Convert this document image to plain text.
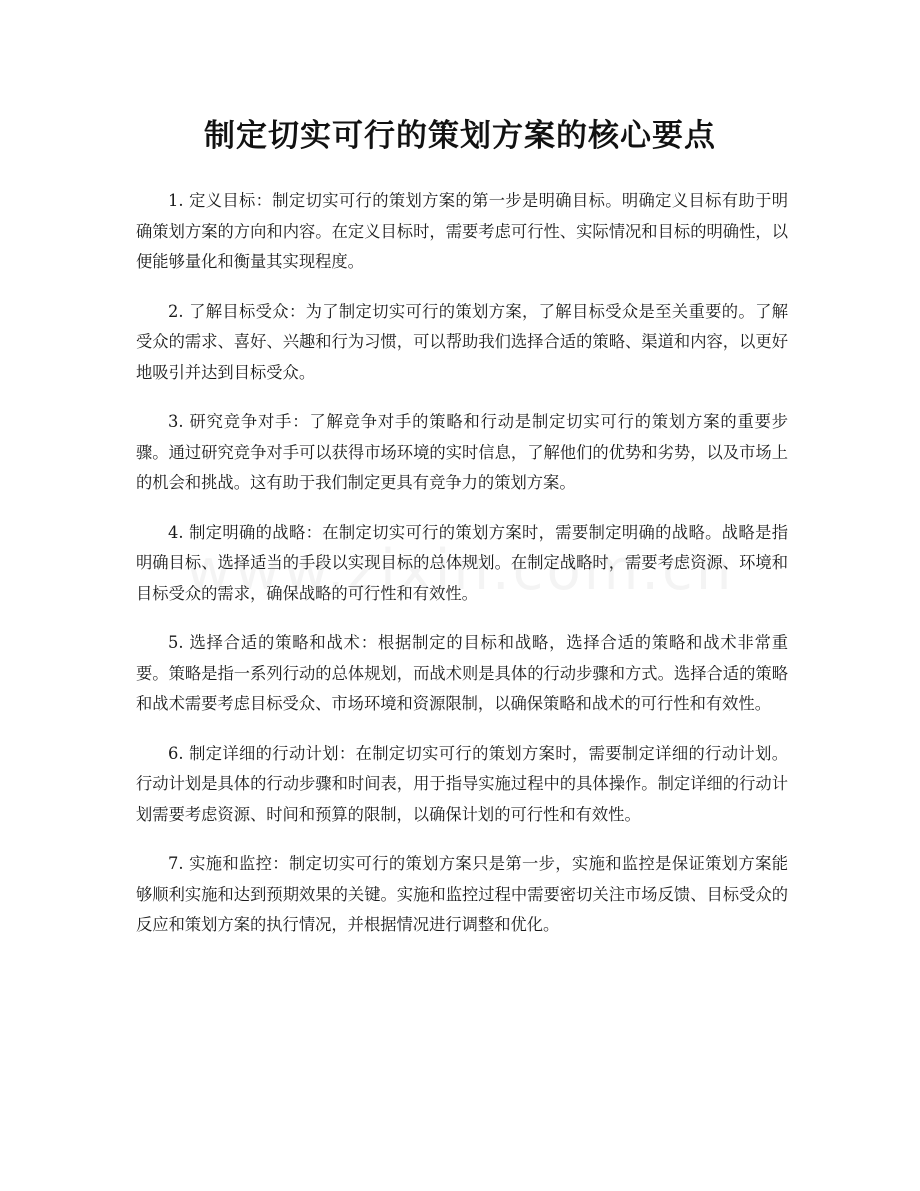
制定切实可行的策划方案的核心要点

1. 定义目标：制定切实可行的策划方案的第一步是明确目标。明确定义目标有助于明确策划方案的方向和内容。在定义目标时，需要考虑可行性、实际情况和目标的明确性，以便能够量化和衡量其实现程度。

2. 了解目标受众：为了制定切实可行的策划方案，了解目标受众是至关重要的。了解受众的需求、喜好、兴趣和行为习惯，可以帮助我们选择合适的策略、渠道和内容，以更好地吸引并达到目标受众。

3. 研究竞争对手：了解竞争对手的策略和行动是制定切实可行的策划方案的重要步骤。通过研究竞争对手可以获得市场环境的实时信息，了解他们的优势和劣势，以及市场上的机会和挑战。这有助于我们制定更具有竞争力的策划方案。

4. 制定明确的战略：在制定切实可行的策划方案时，需要制定明确的战略。战略是指明确目标、选择适当的手段以实现目标的总体规划。在制定战略时，需要考虑资源、环境和目标受众的需求，确保战略的可行性和有效性。

5. 选择合适的策略和战术：根据制定的目标和战略，选择合适的策略和战术非常重要。策略是指一系列行动的总体规划，而战术则是具体的行动步骤和方式。选择合适的策略和战术需要考虑目标受众、市场环境和资源限制，以确保策略和战术的可行性和有效性。

6. 制定详细的行动计划：在制定切实可行的策划方案时，需要制定详细的行动计划。行动计划是具体的行动步骤和时间表，用于指导实施过程中的具体操作。制定详细的行动计划需要考虑资源、时间和预算的限制，以确保计划的可行性和有效性。

7. 实施和监控：制定切实可行的策划方案只是第一步，实施和监控是保证策划方案能够顺利实施和达到预期效果的关键。实施和监控过程中需要密切关注市场反馈、目标受众的反应和策划方案的执行情况，并根据情况进行调整和优化。
